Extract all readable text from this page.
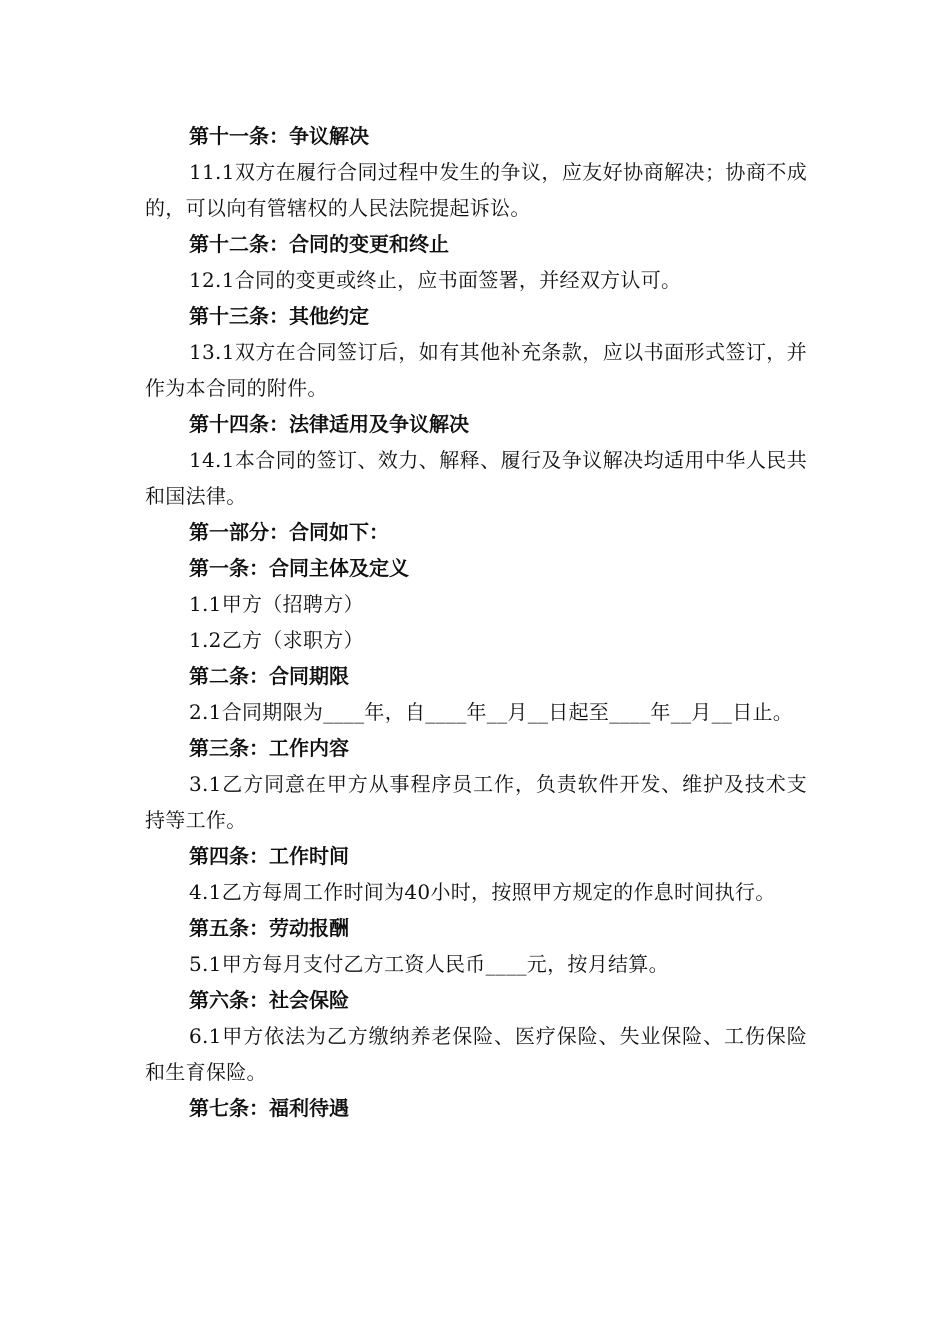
第十一条：争议解决
11.1双方在履行合同过程中发生的争议，应友好协商解决；协商不成的，可以向有管辖权的人民法院提起诉讼。
第十二条：合同的变更和终止
12.1合同的变更或终止，应书面签署，并经双方认可。
第十三条：其他约定
13.1双方在合同签订后，如有其他补充条款，应以书面形式签订，并作为本合同的附件。
第十四条：法律适用及争议解决
14.1本合同的签订、效力、解释、履行及争议解决均适用中华人民共和国法律。
第一部分：合同如下：
第一条：合同主体及定义
1.1甲方（招聘方）
1.2乙方（求职方）
第二条：合同期限
2.1合同期限为____年，自____年__月__日起至____年__月__日止。
第三条：工作内容
3.1乙方同意在甲方从事程序员工作，负责软件开发、维护及技术支持等工作。
第四条：工作时间
4.1乙方每周工作时间为40小时，按照甲方规定的作息时间执行。
第五条：劳动报酬
5.1甲方每月支付乙方工资人民币____元，按月结算。
第六条：社会保险
6.1甲方依法为乙方缴纳养老保险、医疗保险、失业保险、工伤保险和生育保险。
第七条：福利待遇
